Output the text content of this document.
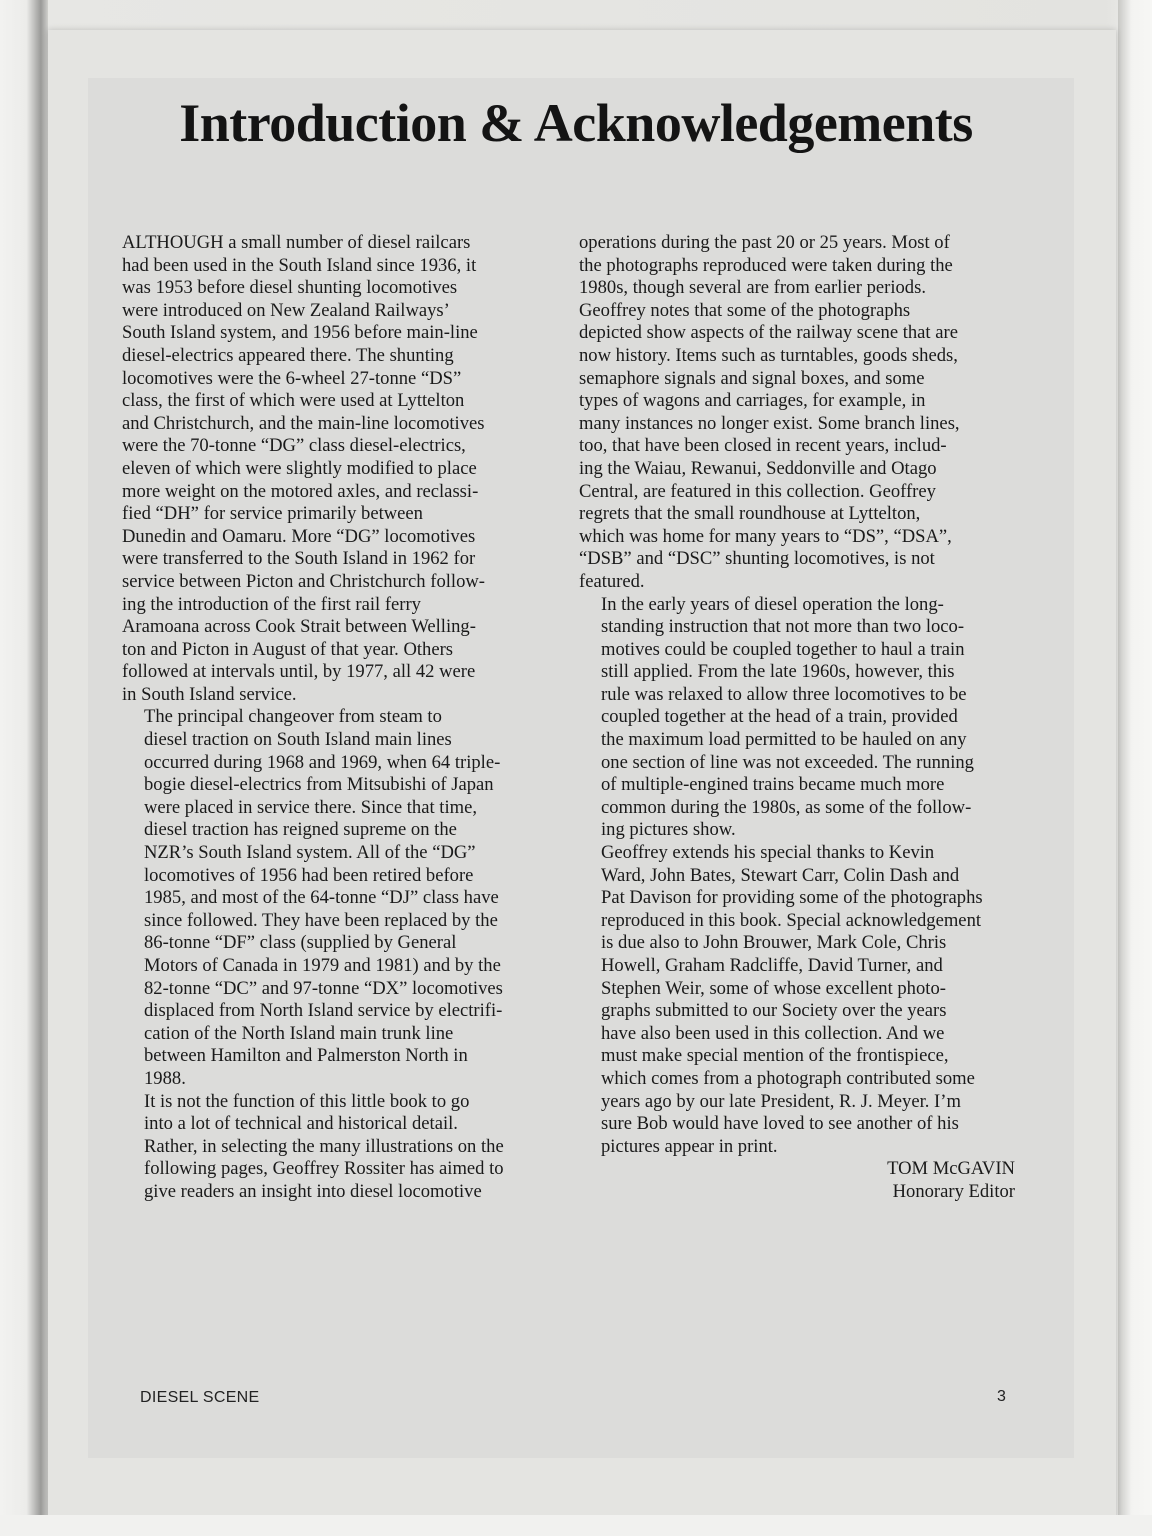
Introduction & Acknowledgements

ALTHOUGH a small number of diesel railcars
had been used in the South Island since 1936, it
was 1953 before diesel shunting locomotives
were introduced on New Zealand Railways’
South Island system, and 1956 before main-line
diesel-electrics appeared there. The shunting
locomotives were the 6-wheel 27-tonne “DS”
class, the first of which were used at Lyttelton
and Christchurch, and the main-line locomotives
were the 70-tonne “DG” class diesel-electrics,
eleven of which were slightly modified to place
more weight on the motored axles, and reclassi-
fied “DH” for service primarily between
Dunedin and Oamaru. More “DG” locomotives
were transferred to the South Island in 1962 for
service between Picton and Christchurch follow-
ing the introduction of the first rail ferry
Aramoana across Cook Strait between Welling-
ton and Picton in August of that year. Others
followed at intervals until, by 1977, all 42 were
in South Island service.

The principal changeover from steam to
diesel traction on South Island main lines
occurred during 1968 and 1969, when 64 triple-
bogie diesel-electrics from Mitsubishi of Japan
were placed in service there. Since that time,
diesel traction has reigned supreme on the
NZR’s South Island system. All of the “DG”
locomotives of 1956 had been retired before
1985, and most of the 64-tonne “DJ” class have
since followed. They have been replaced by the
86-tonne “DF” class (supplied by General
Motors of Canada in 1979 and 1981) and by the
82-tonne “DC” and 97-tonne “DX” locomotives
displaced from North Island service by electrifi-
cation of the North Island main trunk line
between Hamilton and Palmerston North in
1988.

It is not the function of this little book to go
into a lot of technical and historical detail.
Rather, in selecting the many illustrations on the
following pages, Geoffrey Rossiter has aimed to
give readers an insight into diesel locomotive

operations during the past 20 or 25 years. Most of
the photographs reproduced were taken during the
1980s, though several are from earlier periods.
Geoffrey notes that some of the photographs
depicted show aspects of the railway scene that are
now history. Items such as turntables, goods sheds,
semaphore signals and signal boxes, and some
types of wagons and carriages, for example, in
many instances no longer exist. Some branch lines,
too, that have been closed in recent years, includ-
ing the Waiau, Rewanui, Seddonville and Otago
Central, are featured in this collection. Geoffrey
regrets that the small roundhouse at Lyttelton,
which was home for many years to “DS”, “DSA”,
“DSB” and “DSC” shunting locomotives, is not
featured.

In the early years of diesel operation the long-
standing instruction that not more than two loco-
motives could be coupled together to haul a train
still applied. From the late 1960s, however, this
rule was relaxed to allow three locomotives to be
coupled together at the head of a train, provided
the maximum load permitted to be hauled on any
one section of line was not exceeded. The running
of multiple-engined trains became much more
common during the 1980s, as some of the follow-
ing pictures show.

Geoffrey extends his special thanks to Kevin
Ward, John Bates, Stewart Carr, Colin Dash and
Pat Davison for providing some of the photographs
reproduced in this book. Special acknowledgement
is due also to John Brouwer, Mark Cole, Chris
Howell, Graham Radcliffe, David Turner, and
Stephen Weir, some of whose excellent photo-
graphs submitted to our Society over the years
have also been used in this collection. And we
must make special mention of the frontispiece,
which comes from a photograph contributed some
years ago by our late President, R. J. Meyer. I’m
sure Bob would have loved to see another of his
pictures appear in print.

TOM McGAVIN
Honorary Editor

DIESEL SCENE	3
